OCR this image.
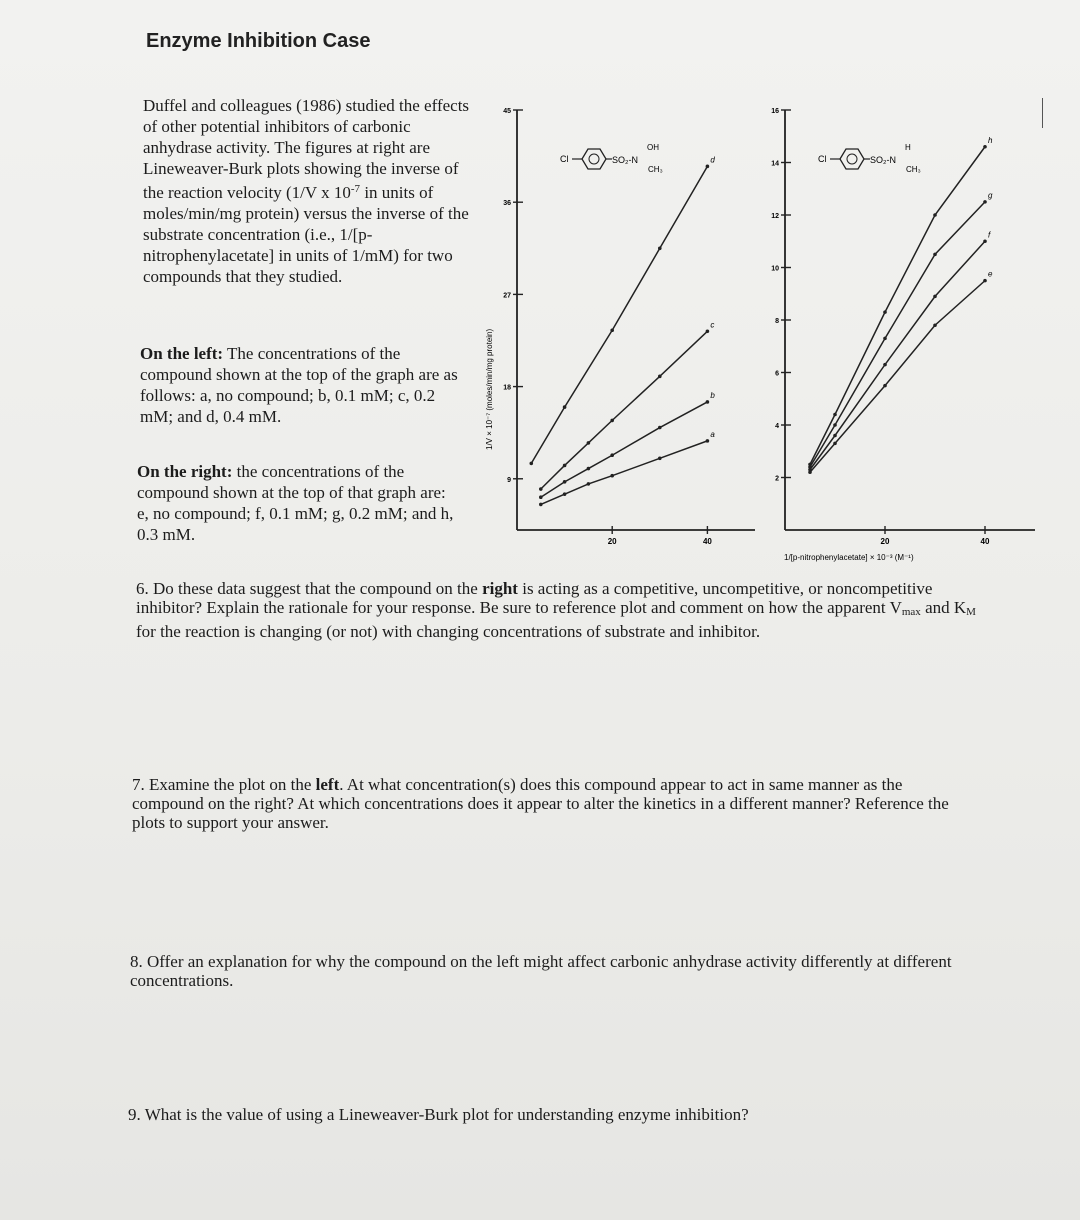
Enzyme Inhibition Case
Duffel and colleagues (1986) studied the effects of other potential inhibitors of carbonic anhydrase activity. The figures at right are Lineweaver-Burk plots showing the inverse of the reaction velocity (1/V x $10^{-7}$ in units of moles/min/mg protein) versus the inverse of the substrate concentration (i.e., 1/[p-nitrophenylacetate] in units of 1/mM) for two compounds that they studied.
On the left: The concentrations of the compound shown at the top of the graph are as follows: a, no compound; b, 0.1 mM; c, 0.2 mM; and d, 0.4 mM.
On the right: the concentrations of the compound shown at the top of that graph are: e, no compound; f, 0.1 mM; g, 0.2 mM; and h, 0.3 mM.
9
18
27
36
45
20	40
2
4
6
8
10
12
14
16
20	40
a
b
c
d
e
f
g
h
Cl	SO₂-N
OH
CH₃
Cl	SO₂-N
H
CH₃
1/V × 10⁻⁷ (moles/min/mg protein)
1/[p-nitrophenylacetate] × 10⁻³ (M⁻¹)
6. Do these data suggest that the compound on the right is acting as a competitive, uncompetitive, or noncompetitive inhibitor? Explain the rationale for your response. Be sure to reference plot and comment on how the apparent Vmax and KM for the reaction is changing (or not) with changing concentrations of substrate and inhibitor.
7. Examine the plot on the left. At what concentration(s) does this compound appear to act in same manner as the compound on the right? At which concentrations does it appear to alter the kinetics in a different manner? Reference the plots to support your answer.
8. Offer an explanation for why the compound on the left might affect carbonic anhydrase activity differently at different concentrations.
9. What is the value of using a Lineweaver-Burk plot for understanding enzyme inhibition?
